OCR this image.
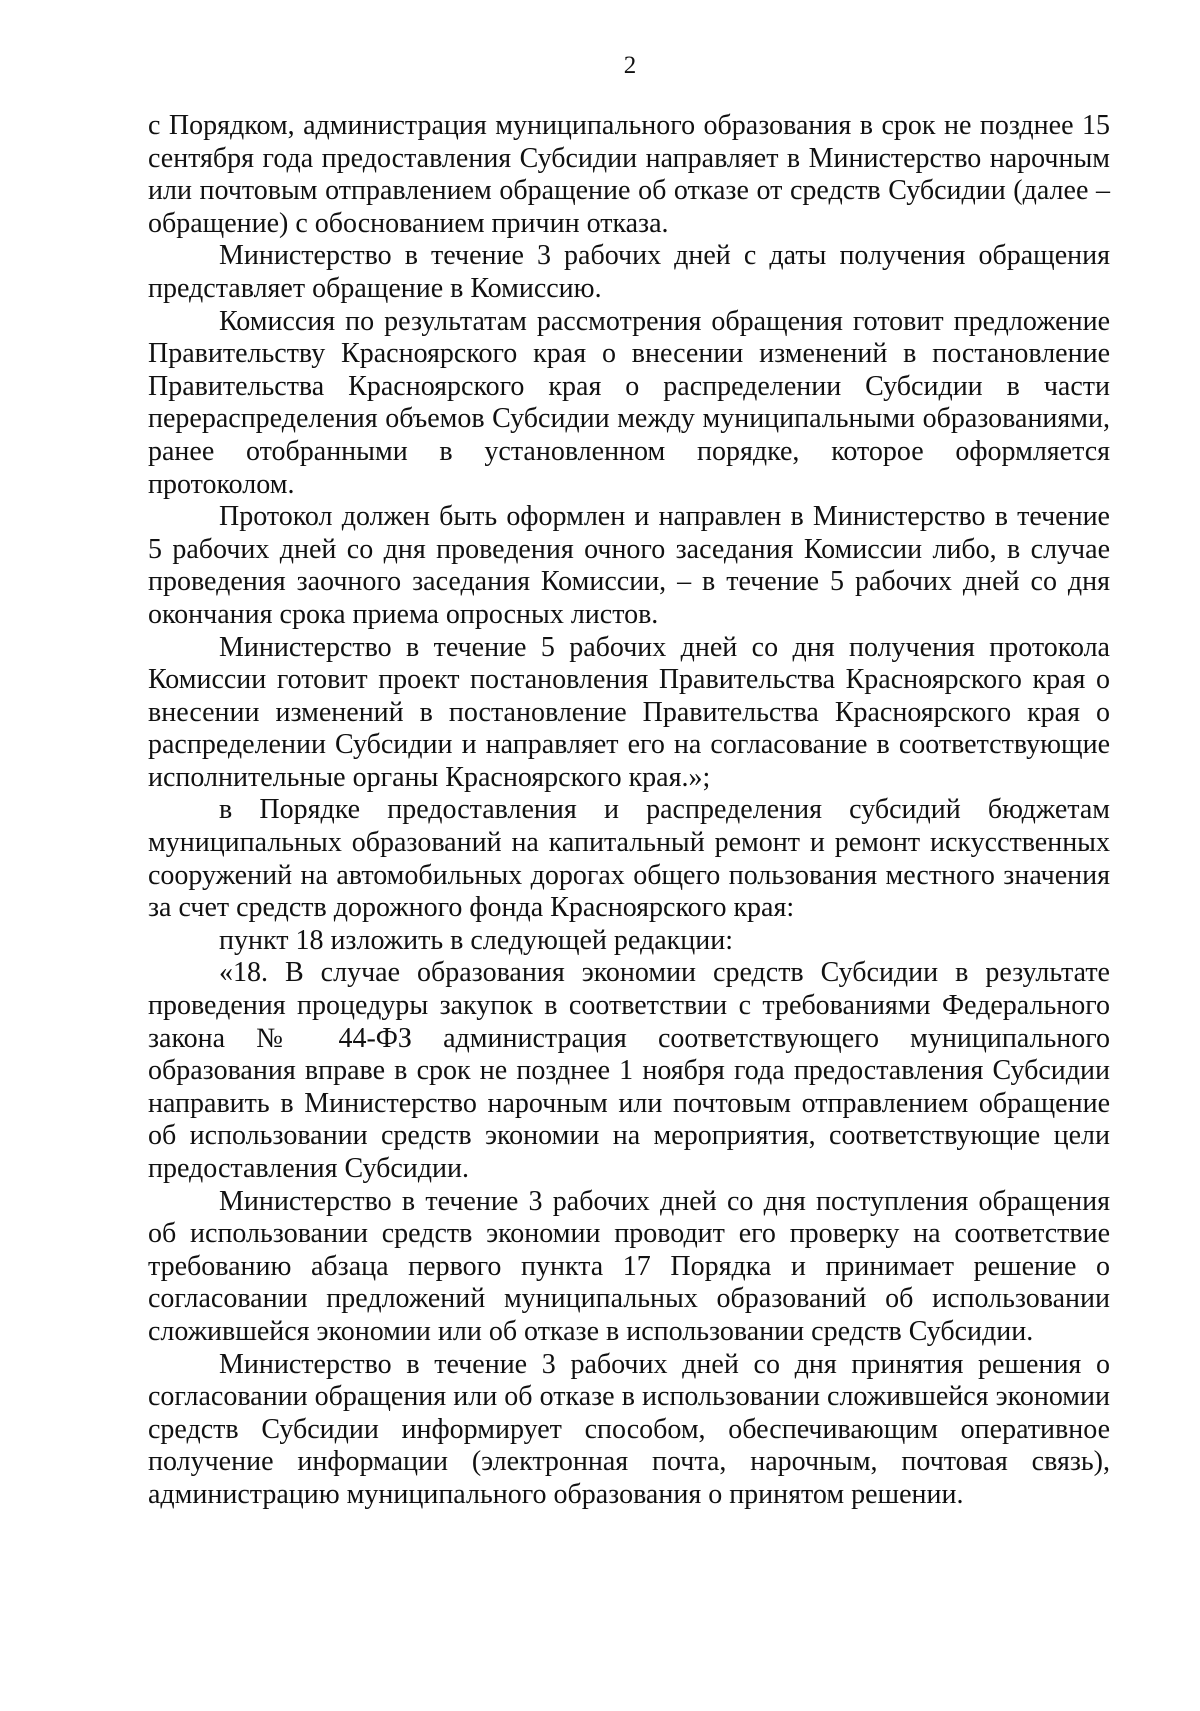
2

с Порядком, администрация муниципального образования в срок не позднее 15 сентября года предоставления Субсидии направляет в Министерство нарочным или почтовым отправлением обращение об отказе от средств Субсидии (далее – обращение) с обоснованием причин отказа.

Министерство в течение 3 рабочих дней с даты получения обращения представляет обращение в Комиссию.

Комиссия по результатам рассмотрения обращения готовит предложение Правительству Красноярского края о внесении изменений в постановление Правительства Красноярского края о распределении Субсидии в части перераспределения объемов Субсидии между муниципальными образованиями, ранее отобранными в установленном порядке, которое оформляется протоколом.

Протокол должен быть оформлен и направлен в Министерство в течение 5 рабочих дней со дня проведения очного заседания Комиссии либо, в случае проведения заочного заседания Комиссии, – в течение 5 рабочих дней со дня окончания срока приема опросных листов.

Министерство в течение 5 рабочих дней со дня получения протокола Комиссии готовит проект постановления Правительства Красноярского края о внесении изменений в постановление Правительства Красноярского края о распределении Субсидии и направляет его на согласование в соответствующие исполнительные органы Красноярского края.»;

в Порядке предоставления и распределения субсидий бюджетам муниципальных образований на капитальный ремонт и ремонт искусственных сооружений на автомобильных дорогах общего пользования местного значения за счет средств дорожного фонда Красноярского края:

пункт 18 изложить в следующей редакции:

«18. В случае образования экономии средств Субсидии в результате проведения процедуры закупок в соответствии с требованиями Федерального закона № 44-ФЗ администрация соответствующего муниципального образования вправе в срок не позднее 1 ноября года предоставления Субсидии направить в Министерство нарочным или почтовым отправлением обращение об использовании средств экономии на мероприятия, соответствующие цели предоставления Субсидии.

Министерство в течение 3 рабочих дней со дня поступления обращения об использовании средств экономии проводит его проверку на соответствие требованию абзаца первого пункта 17 Порядка и принимает решение о согласовании предложений муниципальных образований об использовании сложившейся экономии или об отказе в использовании средств Субсидии.

Министерство в течение 3 рабочих дней со дня принятия решения о согласовании обращения или об отказе в использовании сложившейся экономии средств Субсидии информирует способом, обеспечивающим оперативное получение информации (электронная почта, нарочным, почтовая связь), администрацию муниципального образования о принятом решении.
